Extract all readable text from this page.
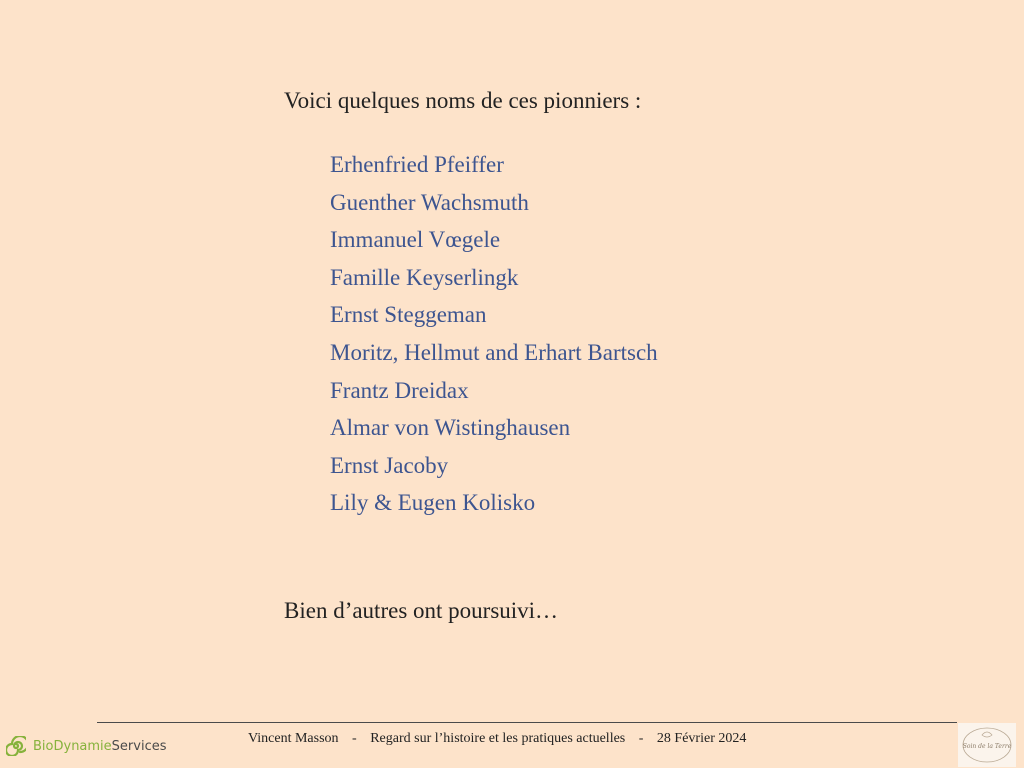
Voici quelques noms de ces pionniers :
Erhenfried Pfeiffer
Guenther Wachsmuth
Immanuel Vœgele
Famille Keyserlingk
Ernst Steggeman
Moritz, Hellmut and Erhart Bartsch
Frantz Dreidax
Almar von Wistinghausen
Ernst Jacoby
Lily & Eugen Kolisko
Bien d’autres ont poursuivi…
BioDynamie Services	Vincent Masson - Regard sur l’histoire et les pratiques actuelles - 28 Février 2024
Soin de la Terre
